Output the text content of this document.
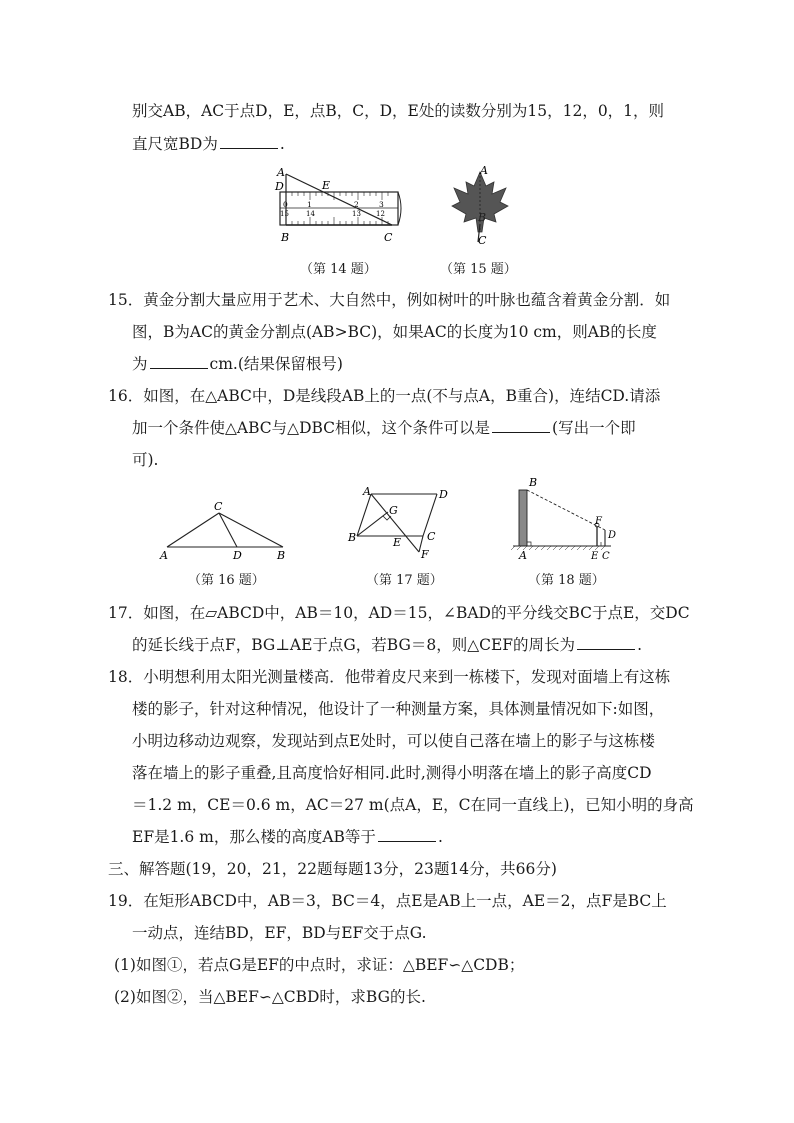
别交AB，AC于点D，E，点B，C，D，E处的读数分别为15，12，0，1，则
直尺宽BD为	.
0	1	2	3
15 14	13 12
A
D	E
B	C
A
B
C
（第 14 题）	（第 15 题）
15．黄金分割大量应用于艺术、大自然中，例如树叶的叶脉也蕴含着黄金分割．如
图，B为AC的黄金分割点(AB>BC)，如果AC的长度为10 cm，则AB的长度
为	cm.(结果保留根号)
16．如图，在△ABC中，D是线段AB上的一点(不与点A，B重合)，连结CD.请添
加一个条件使△ABC与△DBC相似，这个条件可以是	(写出一个即
可).
A
C
D	B
A	D
G
B	E C
F
B
F
D
A	E C
（第 16 题）	（第 17 题）	（第 18 题）
17．如图，在▱ABCD中，AB＝10，AD＝15，∠BAD的平分线交BC于点E，交DC
的延长线于点F，BG⊥AE于点G，若BG＝8，则△CEF的周长为	.
18．小明想利用太阳光测量楼高．他带着皮尺来到一栋楼下，发现对面墙上有这栋
楼的影子，针对这种情况，他设计了一种测量方案，具体测量情况如下:如图，
小明边移动边观察，发现站到点E处时，可以使自己落在墙上的影子与这栋楼
落在墙上的影子重叠,且高度恰好相同.此时,测得小明落在墙上的影子高度CD
＝1.2 m，CE＝0.6 m，AC＝27 m(点A，E，C在同一直线上)，已知小明的身高
EF是1.6 m，那么楼的高度AB等于	.
三、解答题(19，20，21，22题每题13分，23题14分，共66分)
19．在矩形ABCD中，AB＝3，BC＝4，点E是AB上一点，AE＝2，点F是BC上
一动点，连结BD，EF，BD与EF交于点G.
(1)如图①，若点G是EF的中点时，求证：△BEF∽△CDB；
(2)如图②，当△BEF∽△CBD时，求BG的长.
